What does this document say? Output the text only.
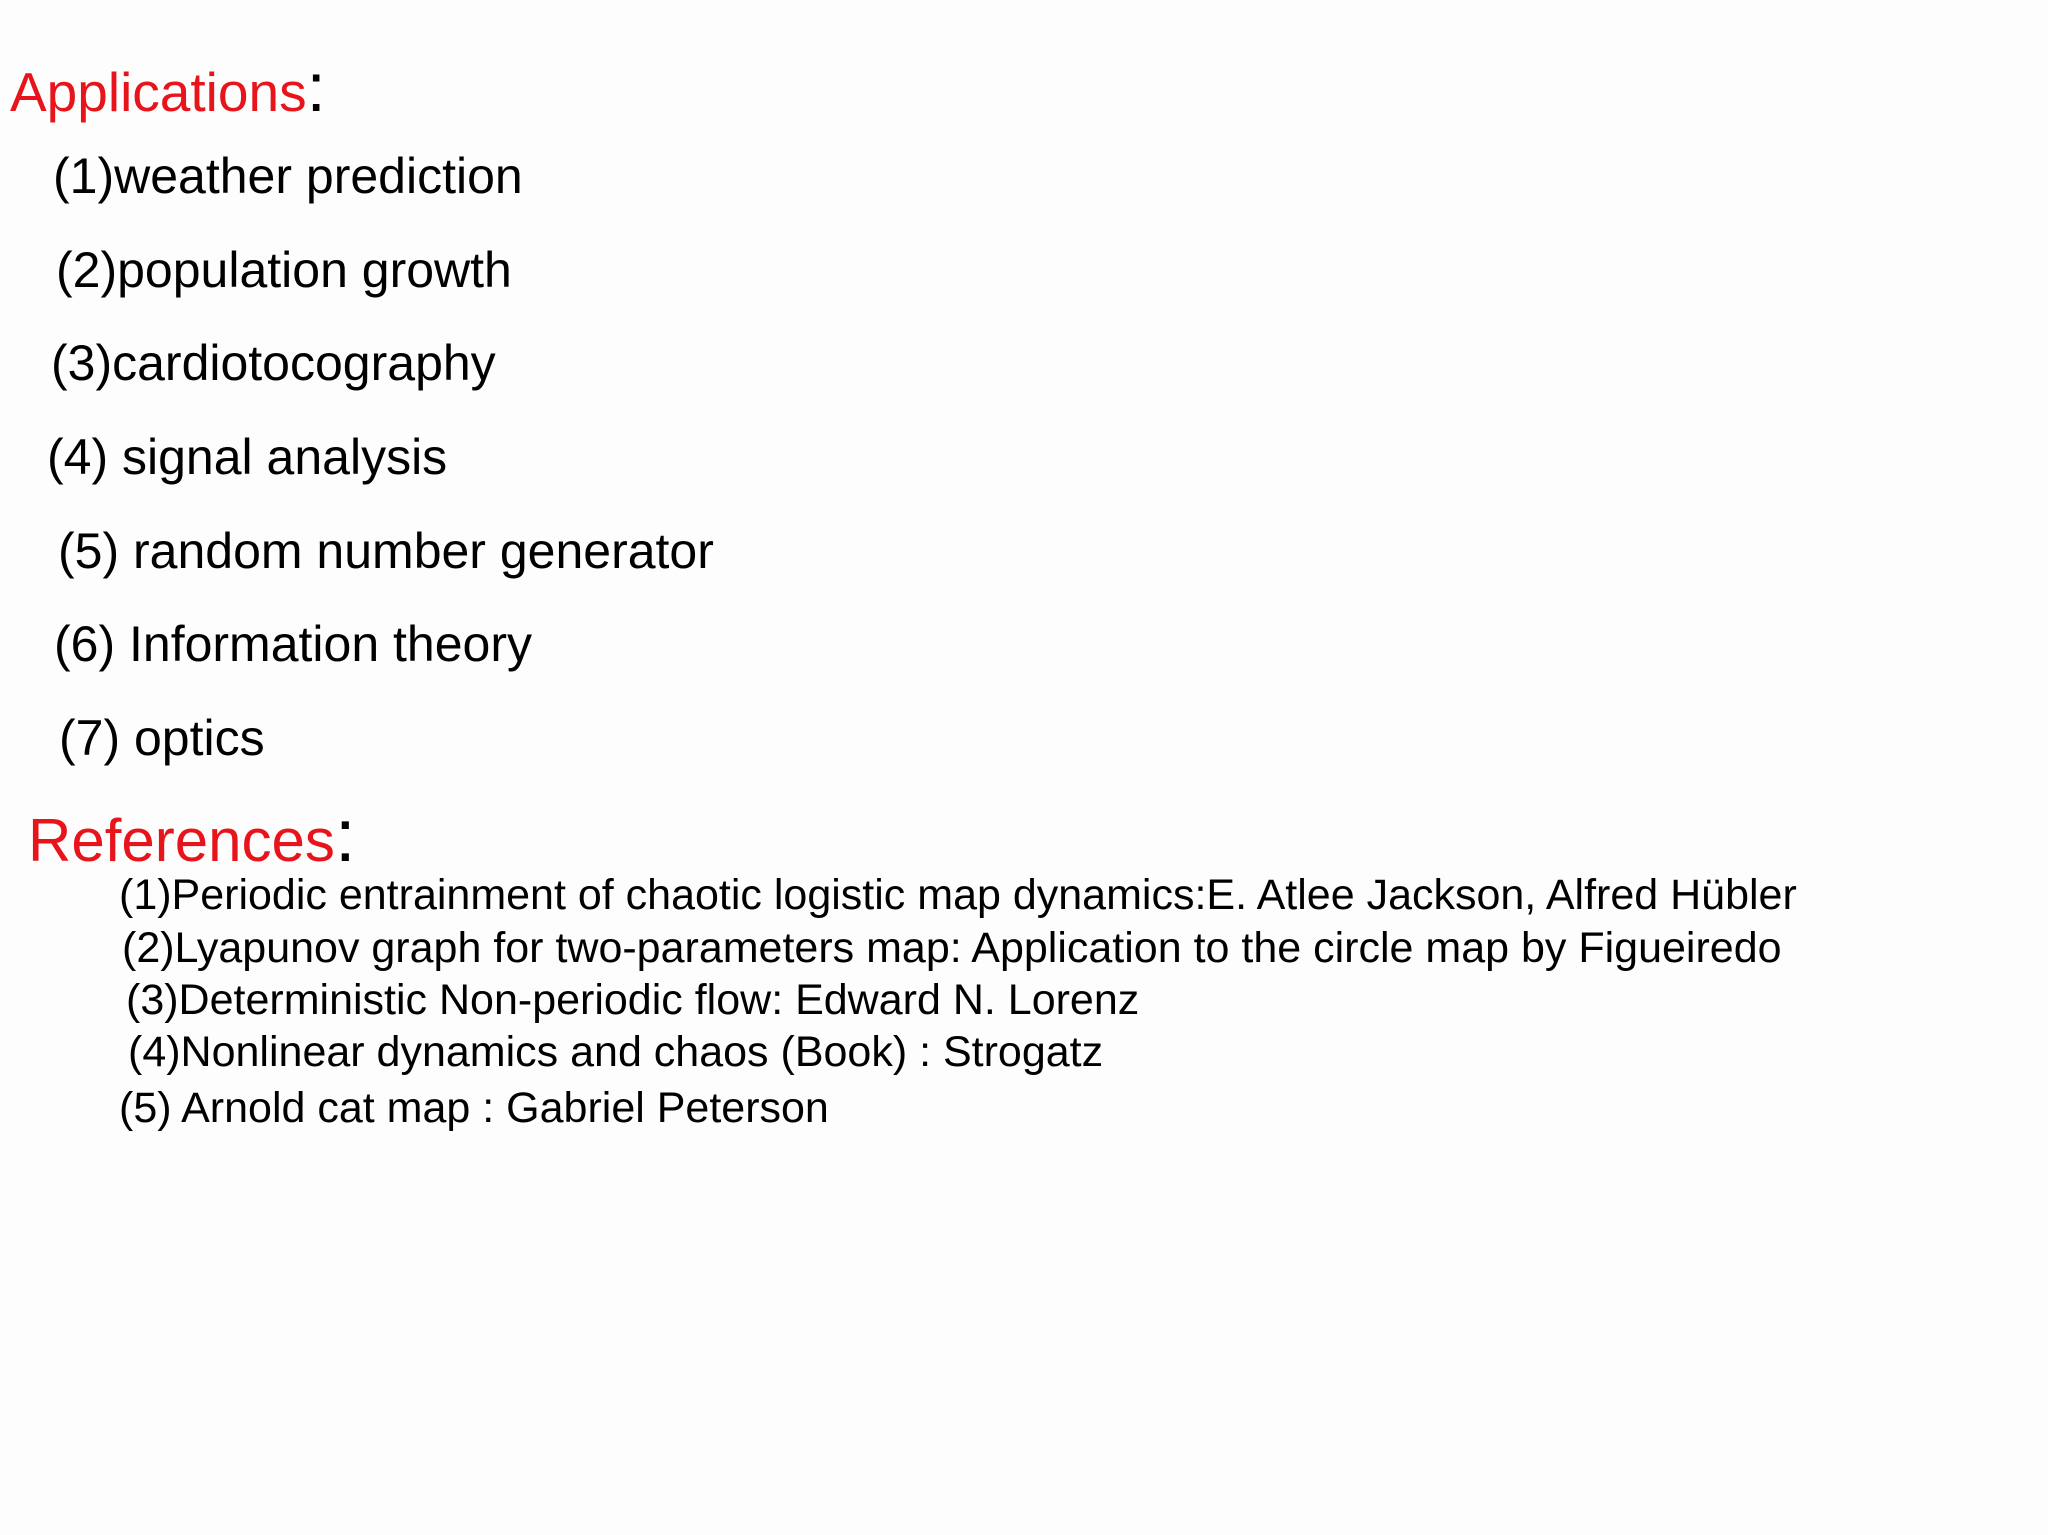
Applications:
(1)weather prediction
(2)population growth
(3)cardiotocography
(4) signal analysis
(5) random number generator
(6) Information theory
(7) optics
References:
(1)Periodic entrainment of chaotic logistic map dynamics:E. Atlee Jackson, Alfred Hübler
(2)Lyapunov graph for two-parameters map: Application to the circle map by Figueiredo
(3)Deterministic Non-periodic flow: Edward N. Lorenz
(4)Nonlinear dynamics and chaos (Book) : Strogatz
(5) Arnold cat map : Gabriel Peterson
